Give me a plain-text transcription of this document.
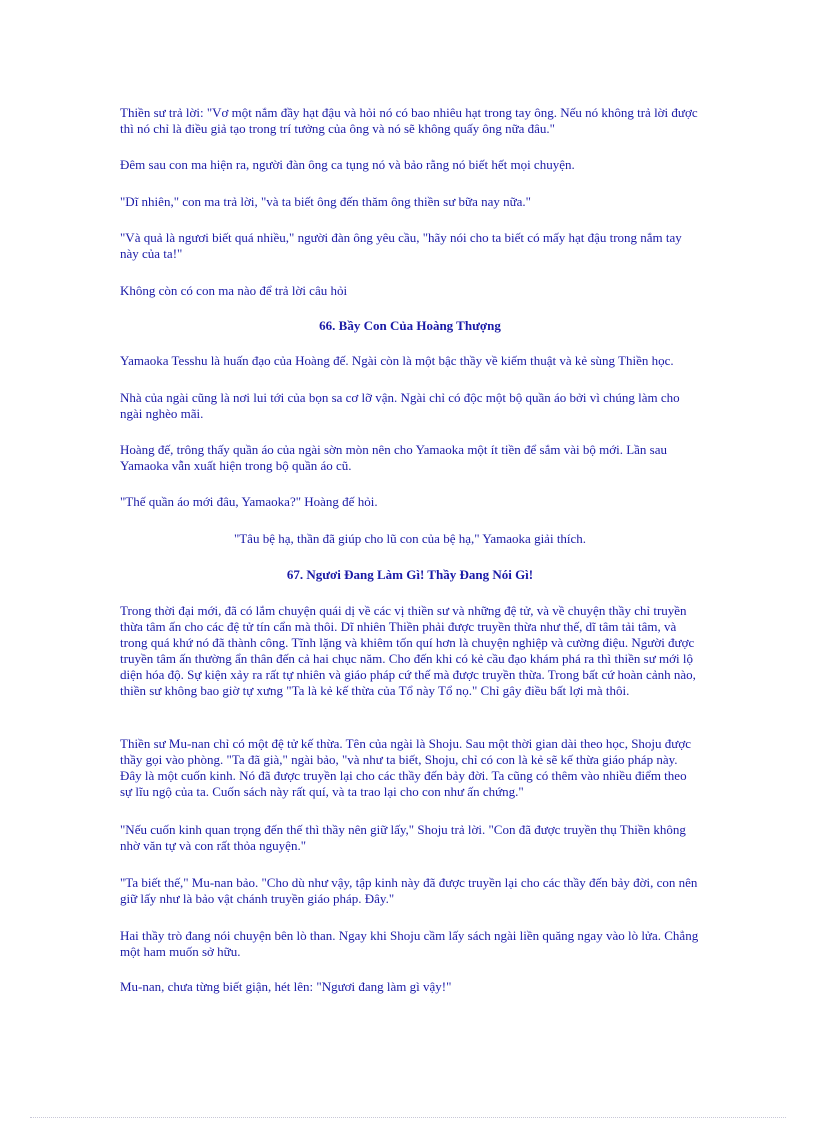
Thiền sư trả lời: "Vơ một nắm đầy hạt đậu và hỏi nó có bao nhiêu hạt trong tay ông. Nếu nó không trả lời được thì nó chỉ là điều giả tạo trong trí tưởng của ông và nó sẽ không quấy ông nữa đâu."

Đêm sau con ma hiện ra, người đàn ông ca tụng nó và bảo rằng nó biết hết mọi chuyện.

"Dĩ nhiên," con ma trả lời, "và ta biết ông đến thăm ông thiền sư bữa nay nữa."

"Và quả là ngươi biết quá nhiều," người đàn ông yêu cầu, "hãy nói cho ta biết có mấy hạt đậu trong nắm tay này của ta!"

Không còn có con ma nào để trả lời câu hỏi

66. Bầy Con Của Hoàng Thượng

Yamaoka Tesshu là huấn đạo của Hoàng đế. Ngài còn là một bậc thầy về kiếm thuật và kẻ sùng Thiền học.

Nhà của ngài cũng là nơi lui tới của bọn sa cơ lỡ vận. Ngài chỉ có độc một bộ quần áo bởi vì chúng làm cho ngài nghèo mãi.

Hoàng đế, trông thấy quần áo của ngài sờn mòn nên cho Yamaoka một ít tiền để sắm vài bộ mới. Lần sau Yamaoka vẫn xuất hiện trong bộ quần áo cũ.

"Thế quần áo mới đâu, Yamaoka?" Hoàng đế hỏi.

"Tâu bệ hạ, thần đã giúp cho lũ con của bệ hạ," Yamaoka giải thích.

67. Ngươi Đang Làm Gì! Thầy Đang Nói Gì!

Trong thời đại mới, đã có lắm chuyện quái dị về các vị thiền sư và những đệ tử, và về chuyện thầy chỉ truyền thừa tâm ấn cho các đệ tử tín cẩn mà thôi. Dĩ nhiên Thiền phải được truyền thừa như thế, dĩ tâm tải tâm, và trong quá khứ nó đã thành công. Tĩnh lặng và khiêm tốn quí hơn là chuyện nghiệp và cường điệu. Người được truyền tâm ấn thường ẩn thân đến cả hai chục năm. Cho đến khi có kẻ cầu đạo khám phá ra thì thiền sư mới lộ diện hóa độ. Sự kiện xảy ra rất tự nhiên và giáo pháp cứ thế mà được truyền thừa. Trong bất cứ hoàn cảnh nào, thiền sư không bao giờ tự xưng "Ta là kẻ kế thừa của Tổ này Tổ nọ." Chỉ gây điều bất lợi mà thôi.

Thiền sư Mu-nan chỉ có một đệ tử kế thừa. Tên của ngài là Shoju. Sau một thời gian dài theo học, Shoju được thầy gọi vào phòng. "Ta đã già," ngài bảo, "và như ta biết, Shoju, chỉ có con là kẻ sẽ kế thừa giáo pháp này. Đây là một cuốn kinh. Nó đã được truyền lại cho các thầy đến bảy đời. Ta cũng có thêm vào nhiều điểm theo sự lĩu ngộ của ta. Cuốn sách này rất quí, và ta trao lại cho con như ấn chứng."

"Nếu cuốn kinh quan trọng đến thế thì thầy nên giữ lấy," Shoju trả lời. "Con đã được truyền thụ Thiền không nhờ văn tự và con rất thỏa nguyện."

"Ta biết thế," Mu-nan bảo. "Cho dù như vậy, tập kinh này đã được truyền lại cho các thầy đến bảy đời, con nên giữ lấy như là bảo vật chánh truyền giáo pháp. Đây."

Hai thầy trò đang nói chuyện bên lò than. Ngay khi Shoju cầm lấy sách ngài liền quăng ngay vào lò lửa. Chẳng một ham muốn sở hữu.

Mu-nan, chưa từng biết giận, hét lên: "Ngươi đang làm gì vậy!"
